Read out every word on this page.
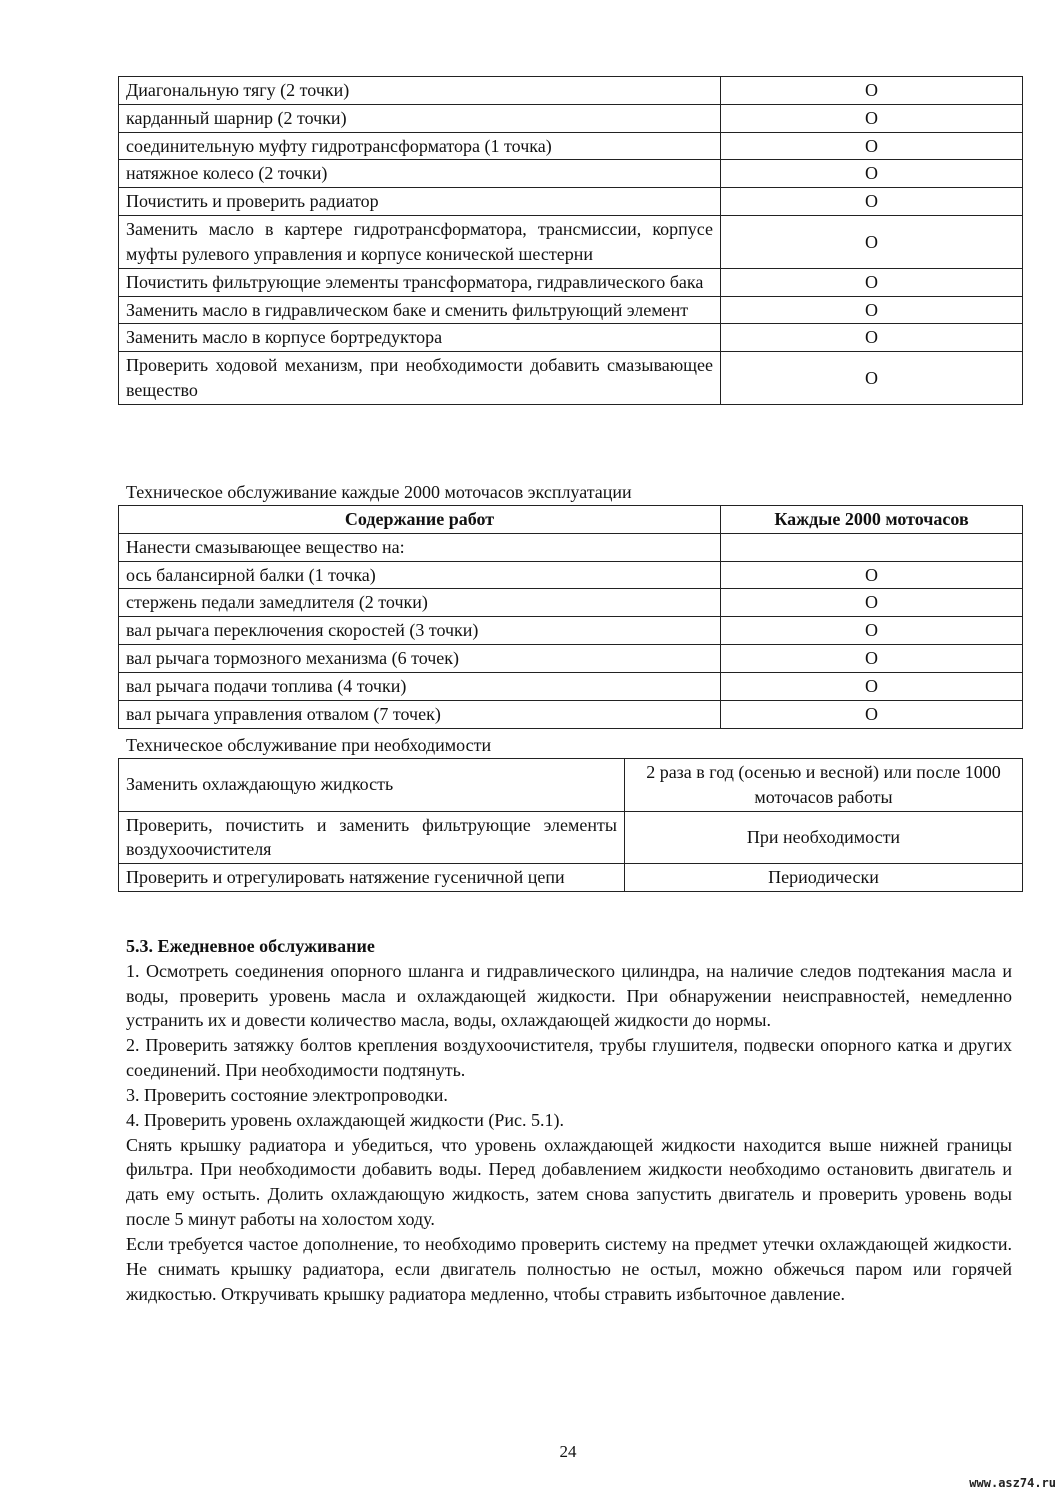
Диагональную тягу (2 точки)	О
карданный шарнир (2 точки)	О
соединительную муфту гидротрансформатора (1 точка)	О
натяжное колесо (2 точки)	О
Почистить и проверить радиатор	О
Заменить масло в картере гидротрансформатора, трансмиссии, корпусе муфты рулевого управления и корпусе конической шестерни	О
Почистить фильтрующие элементы трансформатора, гидравлического бака	О
Заменить масло в гидравлическом баке и сменить фильтрующий элемент	О
Заменить масло в корпусе бортредуктора	О
Проверить ходовой механизм, при необходимости добавить смазывающее вещество	О

Техническое обслуживание каждые 2000 моточасов эксплуатации

Содержание работ	Каждые 2000 моточасов
Нанести смазывающее вещество на:	
ось балансирной балки (1 точка)	О
стержень педали замедлителя (2 точки)	О
вал рычага переключения скоростей (3 точки)	О
вал рычага тормозного механизма (6 точек)	О
вал рычага подачи топлива (4 точки)	О
вал рычага управления отвалом (7 точек)	О

Техническое обслуживание при необходимости

Заменить охлаждающую жидкость	2 раза в год (осенью и весной) или после 1000 моточасов работы
Проверить, почистить и заменить фильтрующие элементы воздухоочистителя	При необходимости
Проверить и отрегулировать натяжение гусеничной цепи	Периодически
5.3. Ежедневное обслуживание

1. Осмотреть соединения опорного шланга и гидравлического цилиндра, на наличие следов подтекания масла и воды, проверить уровень масла и охлаждающей жидкости. При обнаружении неисправностей, немедленно устранить их и довести количество масла, воды, охлаждающей жидкости до нормы.

2. Проверить затяжку болтов крепления воздухоочистителя, трубы глушителя, подвески опорного катка и других соединений. При необходимости подтянуть.

3. Проверить состояние электропроводки.

4. Проверить уровень охлаждающей жидкости (Рис. 5.1).

Снять крышку радиатора и убедиться, что уровень охлаждающей жидкости находится выше нижней границы фильтра. При необходимости добавить воды. Перед добавлением жидкости необходимо остановить двигатель и дать ему остыть. Долить охлаждающую жидкость, затем снова запустить двигатель и проверить уровень воды после 5 минут работы на холостом ходу.

Если требуется частое дополнение, то необходимо проверить систему на предмет утечки охлаждающей жидкости. Не снимать крышку радиатора, если двигатель полностью не остыл, можно обжечься паром или горячей жидкостью. Откручивать крышку радиатора медленно, чтобы стравить избыточное давление.

24
www.asz74.ru
